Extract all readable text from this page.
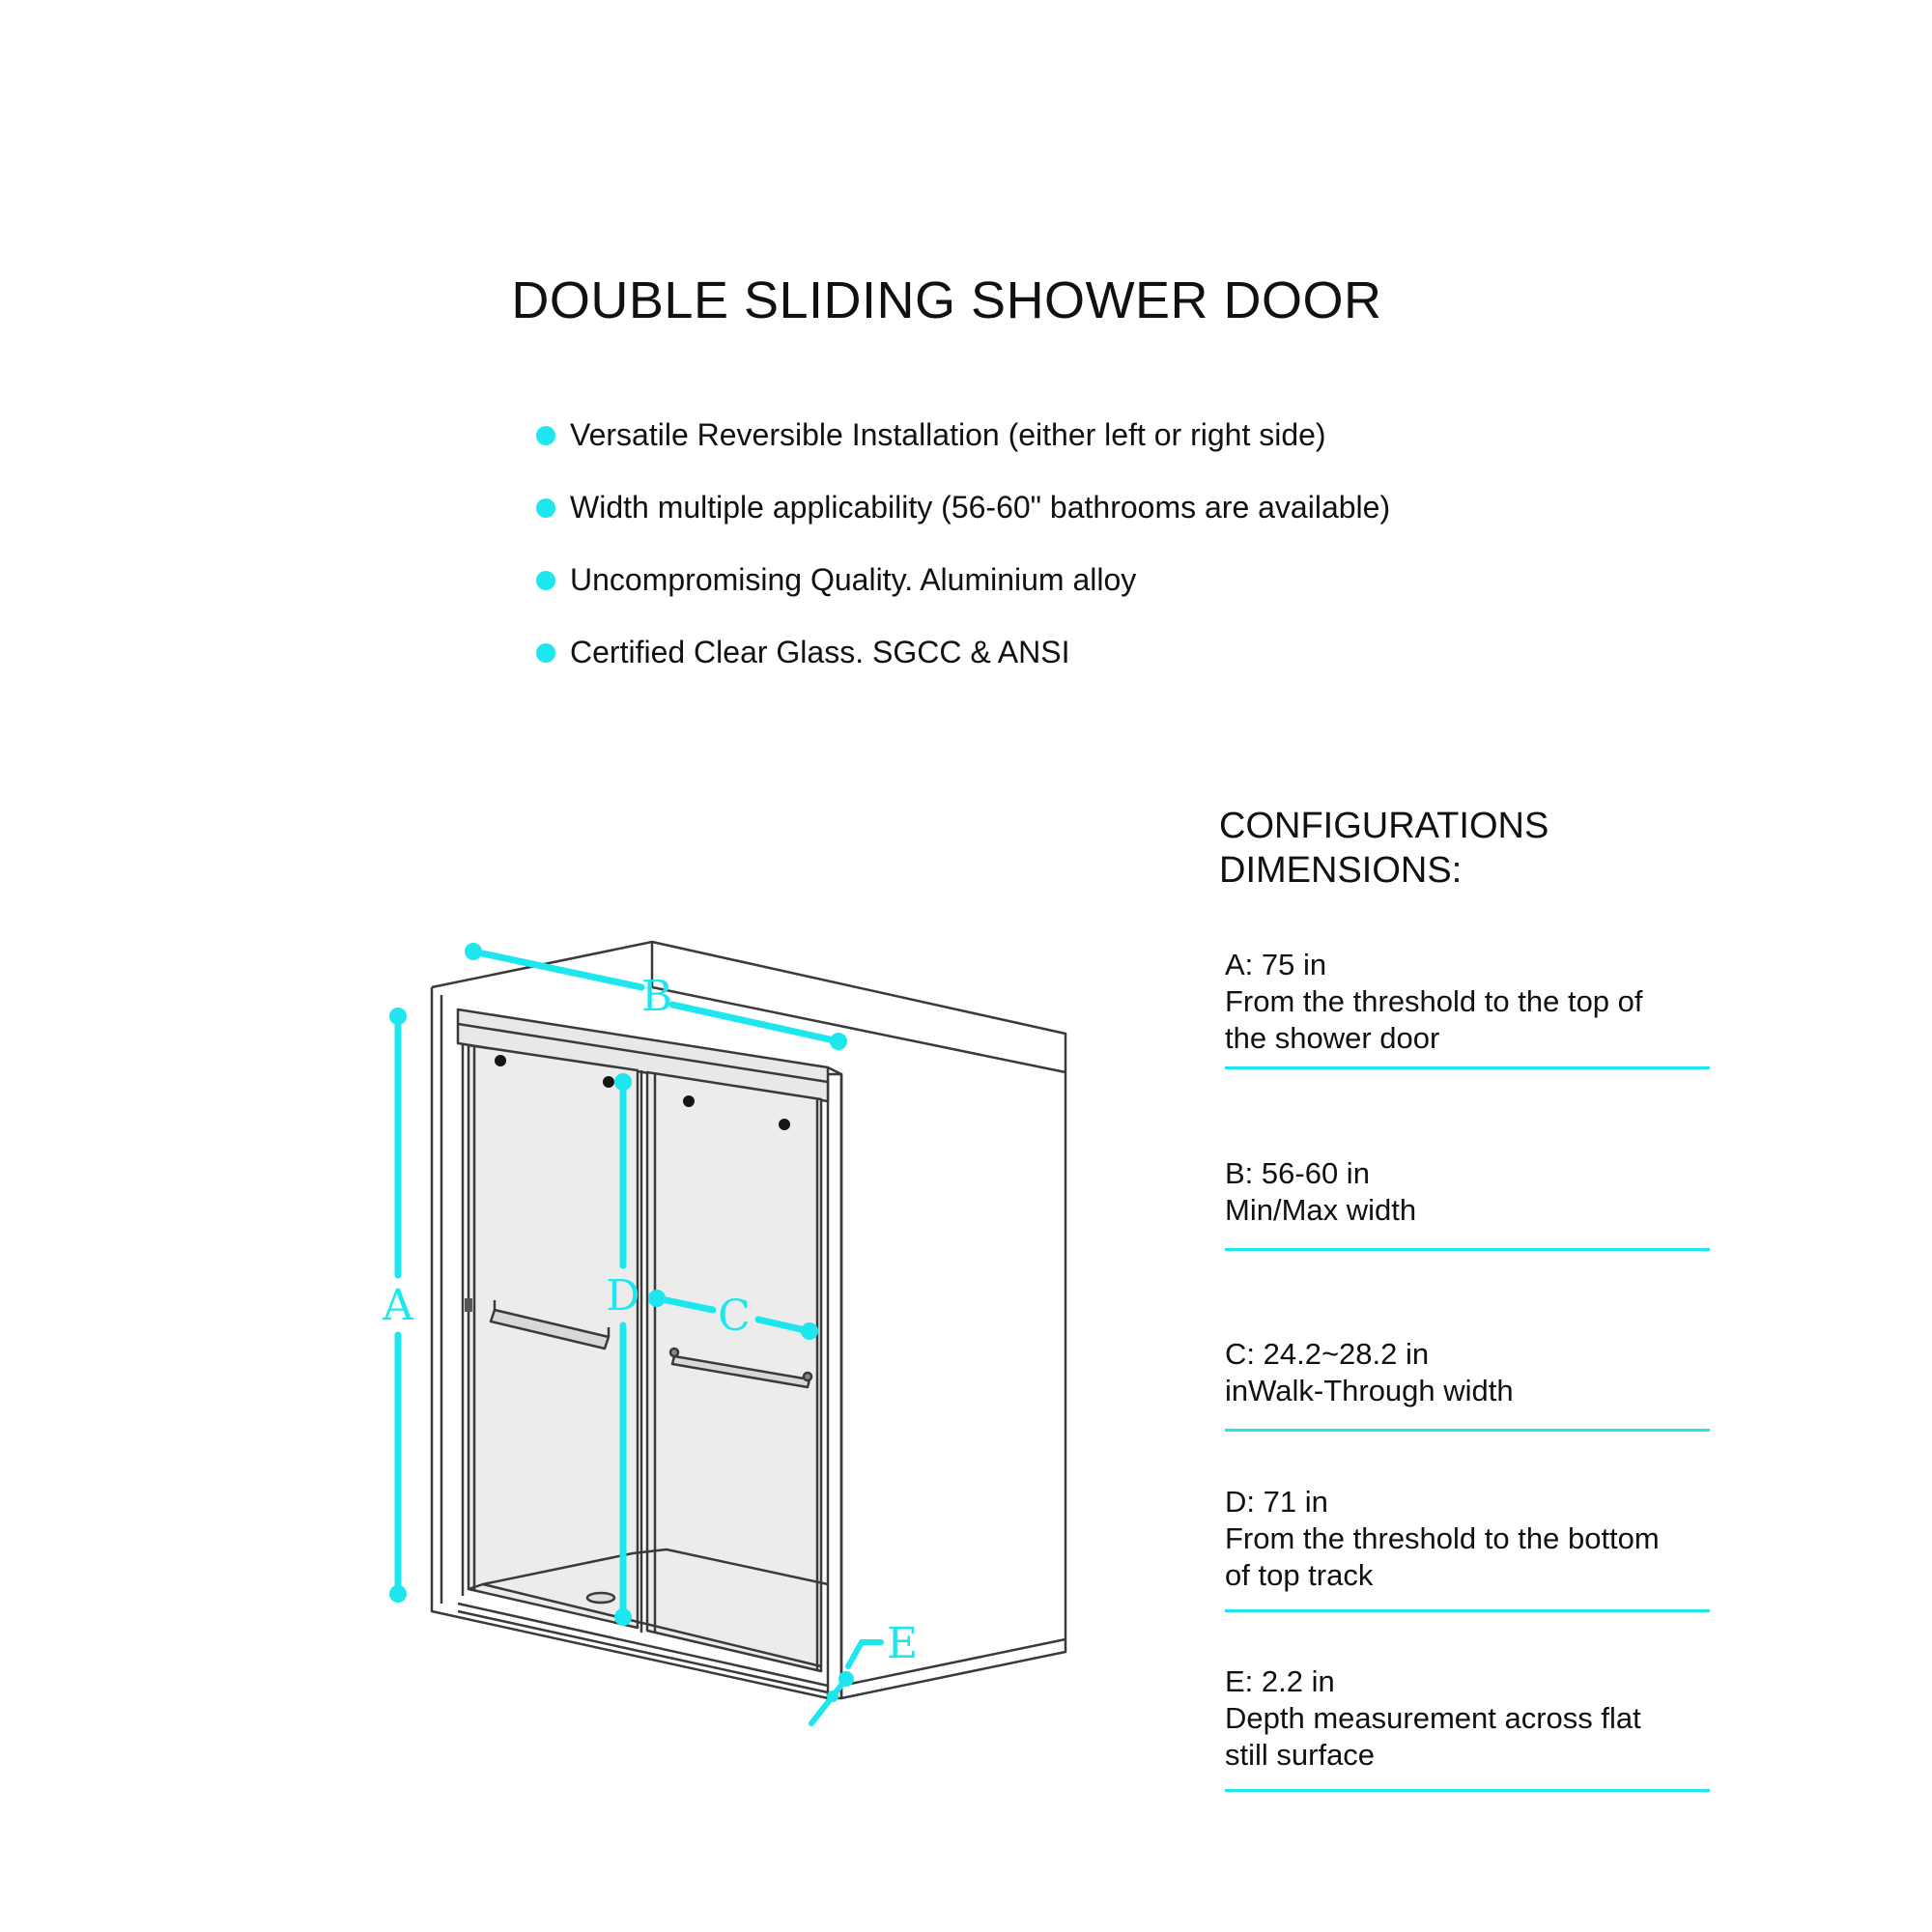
DOUBLE SLIDING SHOWER DOOR
Versatile Reversible Installation (either left or right side)
Width multiple applicability (56-60" bathrooms are available)
Uncompromising Quality. Aluminium alloy
Certified Clear Glass. SGCC & ANSI
A
B
C
D
E
CONFIGURATIONS
DIMENSIONS:
A: 75 in
From the threshold to the top of
the shower door
B: 56-60 in
Min/Max width
C: 24.2~28.2 in
inWalk-Through width
D: 71 in
From the threshold to the bottom
of top track
E: 2.2 in
Depth measurement across flat
still surface
